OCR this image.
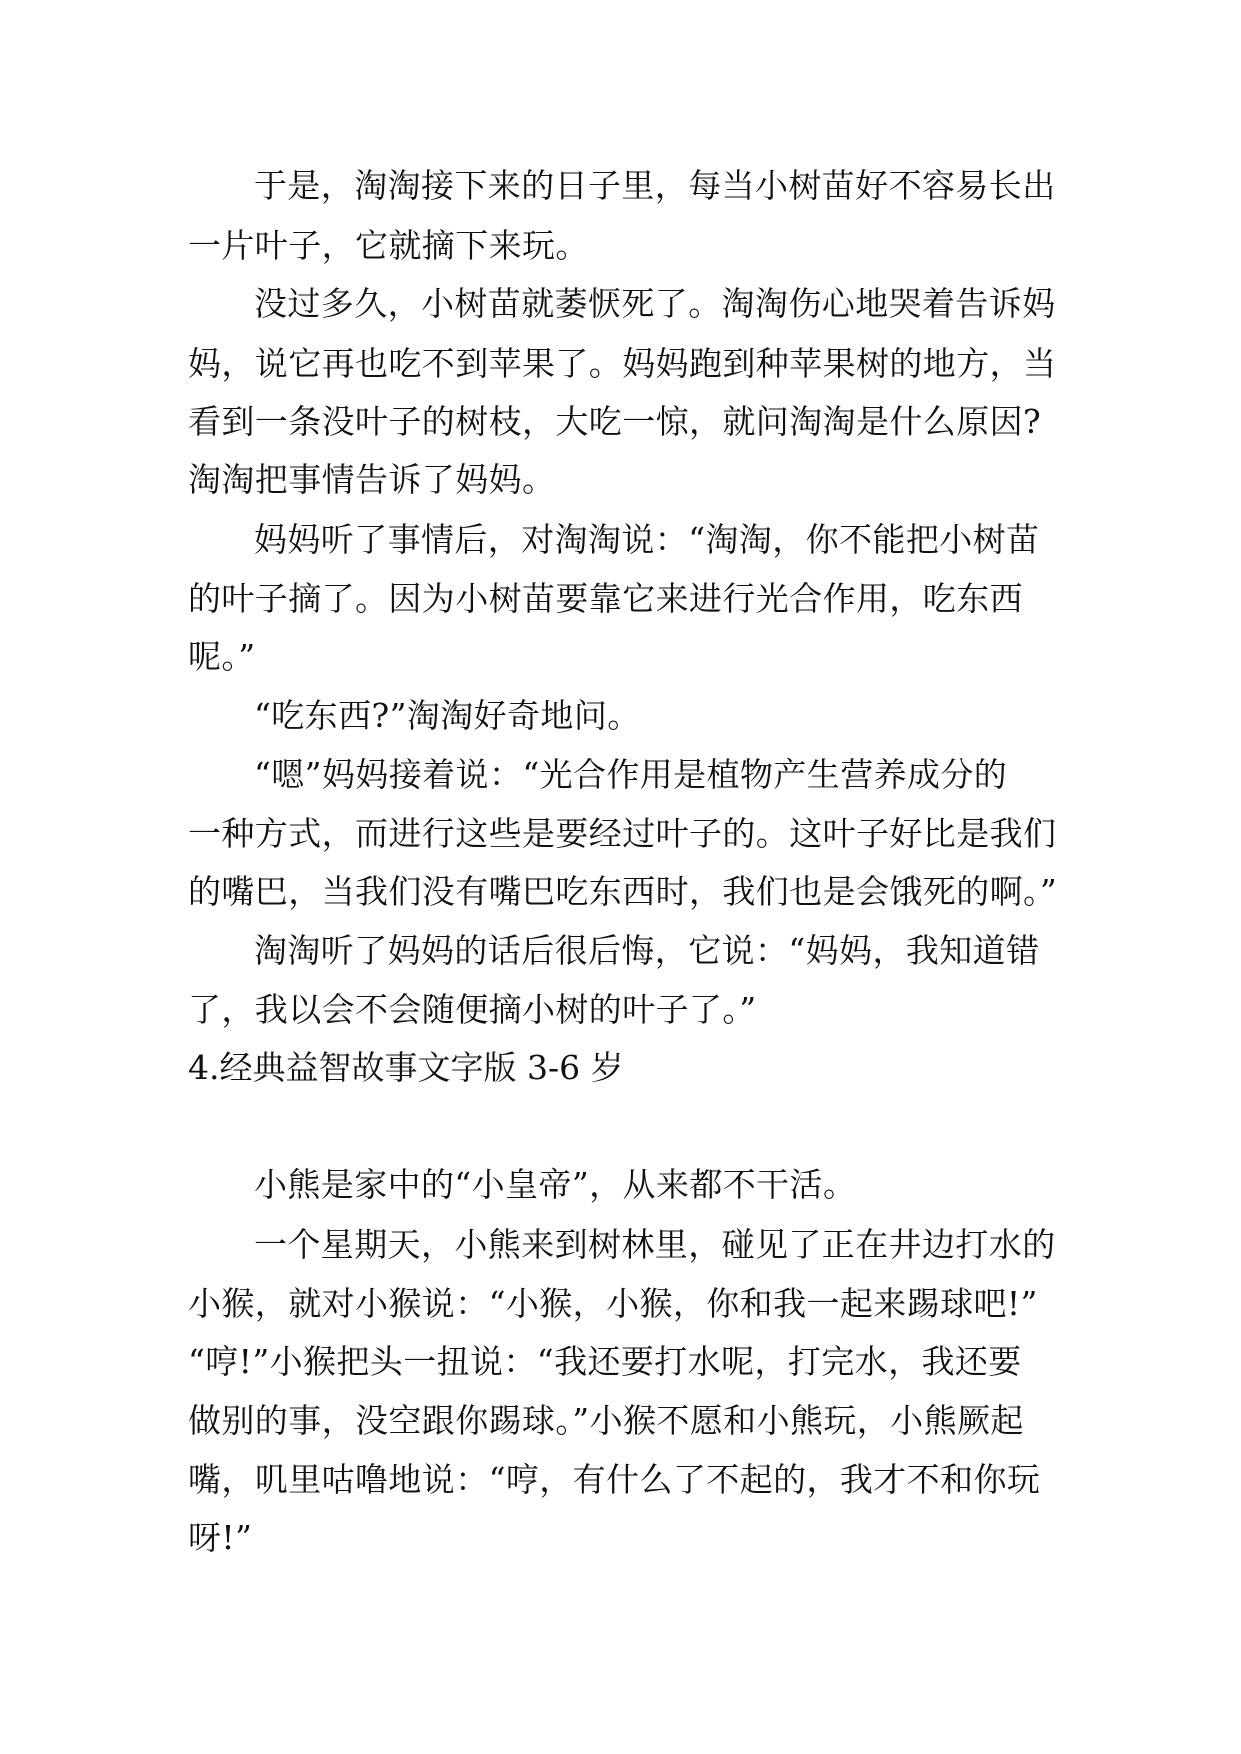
于是，淘淘接下来的日子里，每当小树苗好不容易长出
一片叶子，它就摘下来玩。
没过多久，小树苗就萎恹死了。淘淘伤心地哭着告诉妈
妈，说它再也吃不到苹果了。妈妈跑到种苹果树的地方，当
看到一条没叶子的树枝，大吃一惊，就问淘淘是什么原因?
淘淘把事情告诉了妈妈。
妈妈听了事情后，对淘淘说：“淘淘，你不能把小树苗
的叶子摘了。因为小树苗要靠它来进行光合作用，吃东西
呢。”
“吃东西?”淘淘好奇地问。
“嗯”妈妈接着说：“光合作用是植物产生营养成分的
一种方式，而进行这些是要经过叶子的。这叶子好比是我们
的嘴巴，当我们没有嘴巴吃东西时，我们也是会饿死的啊。”
淘淘听了妈妈的话后很后悔，它说：“妈妈，我知道错
了，我以会不会随便摘小树的叶子了。”
4.经典益智故事文字版 3-6 岁
小熊是家中的“小皇帝”，从来都不干活。
一个星期天，小熊来到树林里，碰见了正在井边打水的
小猴，就对小猴说：“小猴，小猴，你和我一起来踢球吧!”
“哼!”小猴把头一扭说：“我还要打水呢，打完水，我还要
做别的事，没空跟你踢球。”小猴不愿和小熊玩，小熊厥起
嘴，叽里咕噜地说：“哼，有什么了不起的，我才不和你玩
呀!”
